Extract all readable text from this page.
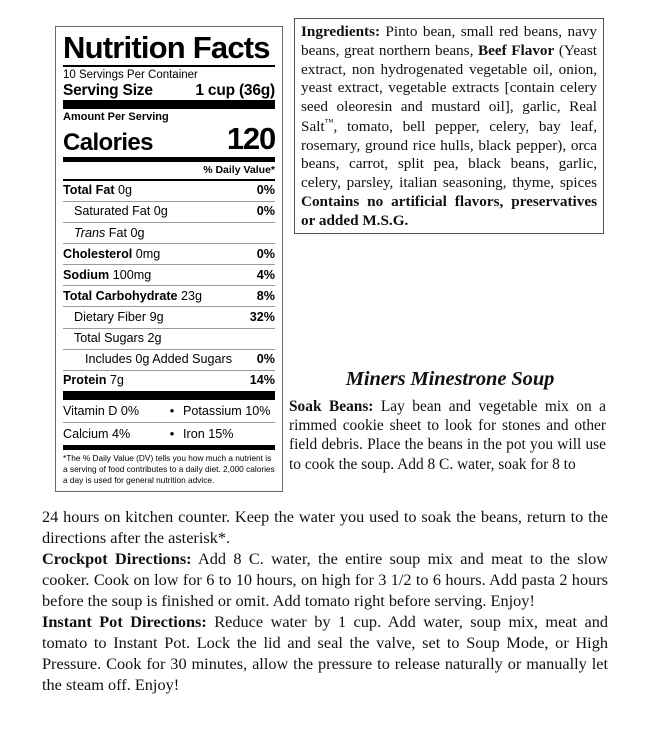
Nutrition Facts
10 Servings Per Container
Serving Size	1 cup (36g)
Amount Per Serving
Calories 120
% Daily Value*
Total Fat 0g	0%
Saturated Fat 0g	0%
Trans Fat 0g
Cholesterol 0mg	0%
Sodium 100mg	4%
Total Carbohydrate 23g	8%
Dietary Fiber 9g	32%
Total Sugars 2g
Includes 0g Added Sugars 0%
Protein 7g	14%
Vitamin D 0%	• Potassium 10%
Calcium 4%	• Iron 15%
*The % Daily Value (DV) tells you how much a nutrient is a serving of food contributes to a daily diet. 2,000 calories a day is used for general nutrition advice.

Ingredients: Pinto bean, small red beans, navy beans, great northern beans, Beef Flavor (Yeast extract, non hydrogenated vegetable oil, onion, yeast extract, vegetable extracts [contain celery seed oleoresin and mustard oil], garlic, Real Salt™, tomato, bell pepper, celery, bay leaf, rosemary, ground rice hulls, black pepper), orca beans, carrot, split pea, black beans, garlic, celery, parsley, italian seasoning, thyme, spices Contains no artificial flavors, preservatives or added M.S.G.

Miners Minestrone Soup

Soak Beans: Lay bean and vegetable mix on a rimmed cookie sheet to look for stones and other field debris. Place the beans in the pot you will use to cook the soup. Add 8 C. water, soak for 8 to

24 hours on kitchen counter. Keep the water you used to soak the beans, return to the directions after the asterisk*.

Crockpot Directions: Add 8 C. water, the entire soup mix and meat to the slow cooker. Cook on low for 6 to 10 hours, on high for 3 1/2 to 6 hours. Add pasta 2 hours before the soup is finished or omit. Add tomato right before serving. Enjoy!

Instant Pot Directions: Reduce water by 1 cup. Add water, soup mix, meat and tomato to Instant Pot. Lock the lid and seal the valve, set to Soup Mode, or High Pressure. Cook for 30 minutes, allow the pressure to release naturally or manually let the steam off. Enjoy!
